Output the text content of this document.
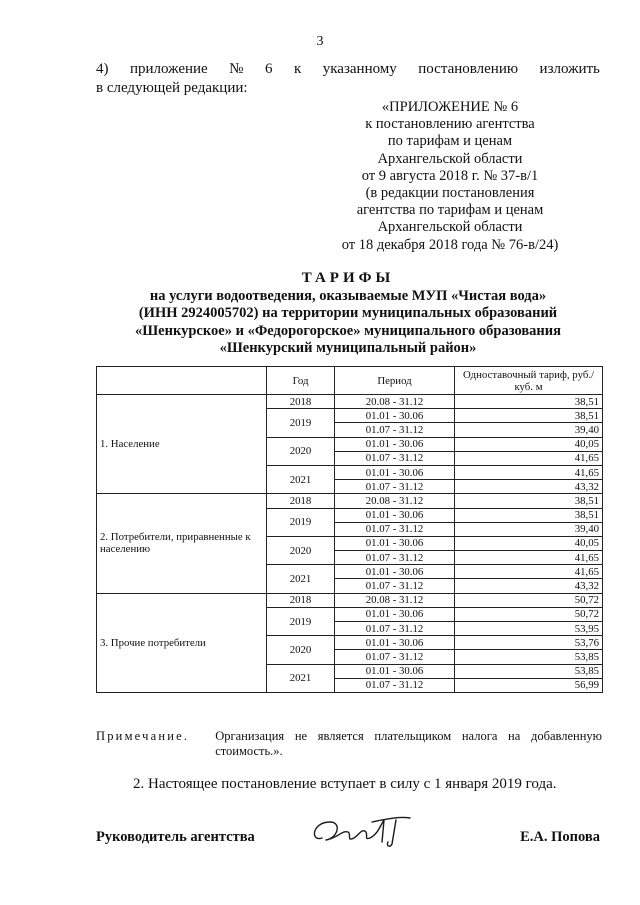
3
4) приложение № 6 к указанному постановлению изложить
в следующей редакции:
«ПРИЛОЖЕНИЕ № 6
к постановлению агентства
по тарифам и ценам
Архангельской области
от 9 августа 2018 г. № 37-в/1
(в редакции постановления
агентства по тарифам и ценам
Архангельской области
от 18 декабря 2018 года № 76-в/24)
ТАРИФЫ
на услуги водоотведения, оказываемые МУП «Чистая вода»
(ИНН 2924005702) на территории муниципальных образований
«Шенкурское» и «Федорогорское» муниципального образования
«Шенкурский муниципальный район»
	Год	Период	Одноставочный тариф, руб./куб. м
1. Население	2018	20.08 - 31.12	38,51
	2019	01.01 - 30.06	38,51
		01.07 - 31.12	39,40
	2020	01.01 - 30.06	40,05
		01.07 - 31.12	41,65
	2021	01.01 - 30.06	41,65
		01.07 - 31.12	43,32
2. Потребители, приравненные к населению	2018	20.08 - 31.12	38,51
	2019	01.01 - 30.06	38,51
		01.07 - 31.12	39,40
	2020	01.01 - 30.06	40,05
		01.07 - 31.12	41,65
	2021	01.01 - 30.06	41,65
		01.07 - 31.12	43,32
3. Прочие потребители	2018	20.08 - 31.12	50,72
	2019	01.01 - 30.06	50,72
		01.07 - 31.12	53,95
	2020	01.01 - 30.06	53,76
		01.07 - 31.12	53,85
	2021	01.01 - 30.06	53,85
		01.07 - 31.12	56,99
Примечание. Организация не является плательщиком налога на добавленную стоимость.».
2. Настоящее постановление вступает в силу с 1 января 2019 года.
Руководитель агентства	Е.А. Попова
